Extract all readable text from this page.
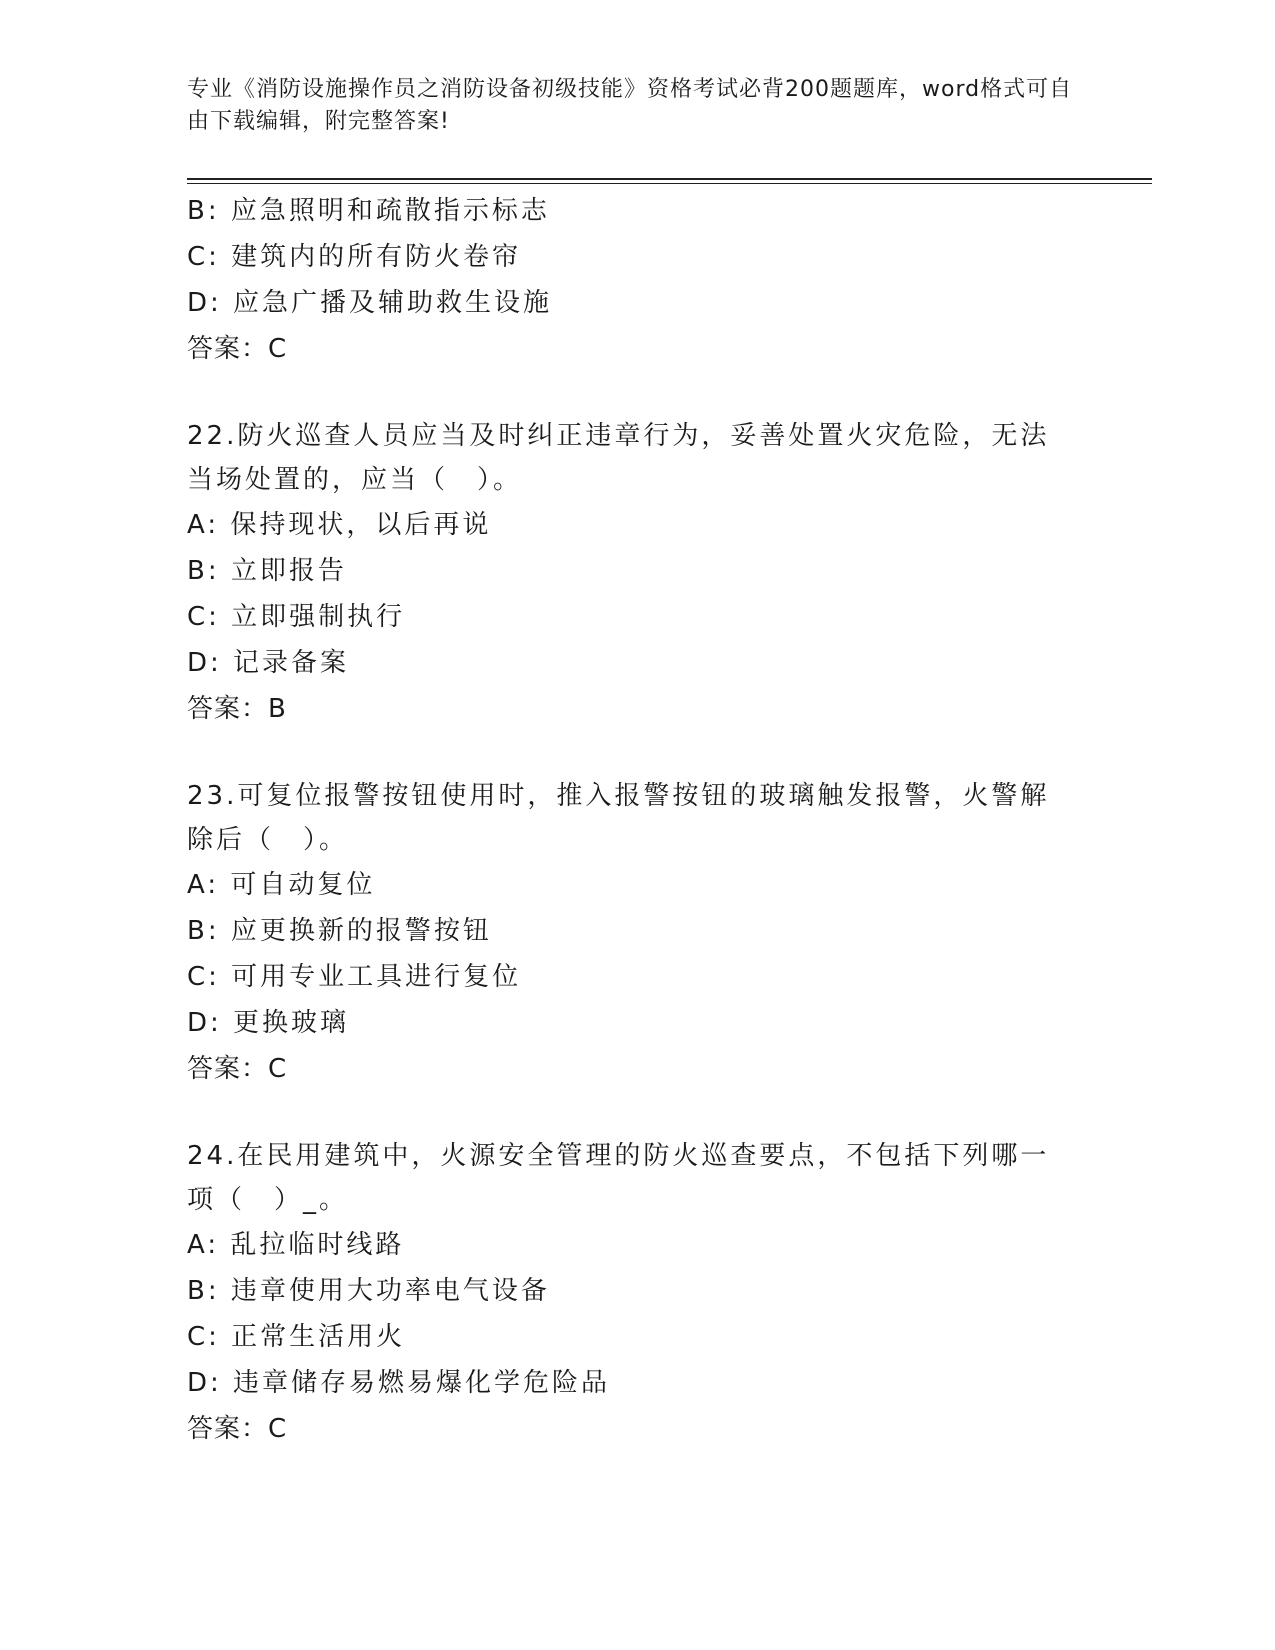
专业《消防设施操作员之消防设备初级技能》资格考试必背200题题库，word格式可自由下载编辑，附完整答案!
B: 应急照明和疏散指示标志
C: 建筑内的所有防火卷帘
D: 应急广播及辅助救生设施
答案：C
22.防火巡查人员应当及时纠正违章行为，妥善处置火灾危险，无法当场处置的，应当（　）。
A: 保持现状，以后再说
B: 立即报告
C: 立即强制执行
D: 记录备案
答案：B
23.可复位报警按钮使用时，推入报警按钮的玻璃触发报警，火警解除后（　）。
A: 可自动复位
B: 应更换新的报警按钮
C: 可用专业工具进行复位
D: 更换玻璃
答案：C
24.在民用建筑中，火源安全管理的防火巡查要点，不包括下列哪一项（　）_。
A: 乱拉临时线路
B: 违章使用大功率电气设备
C: 正常生活用火
D: 违章储存易燃易爆化学危险品
答案：C
